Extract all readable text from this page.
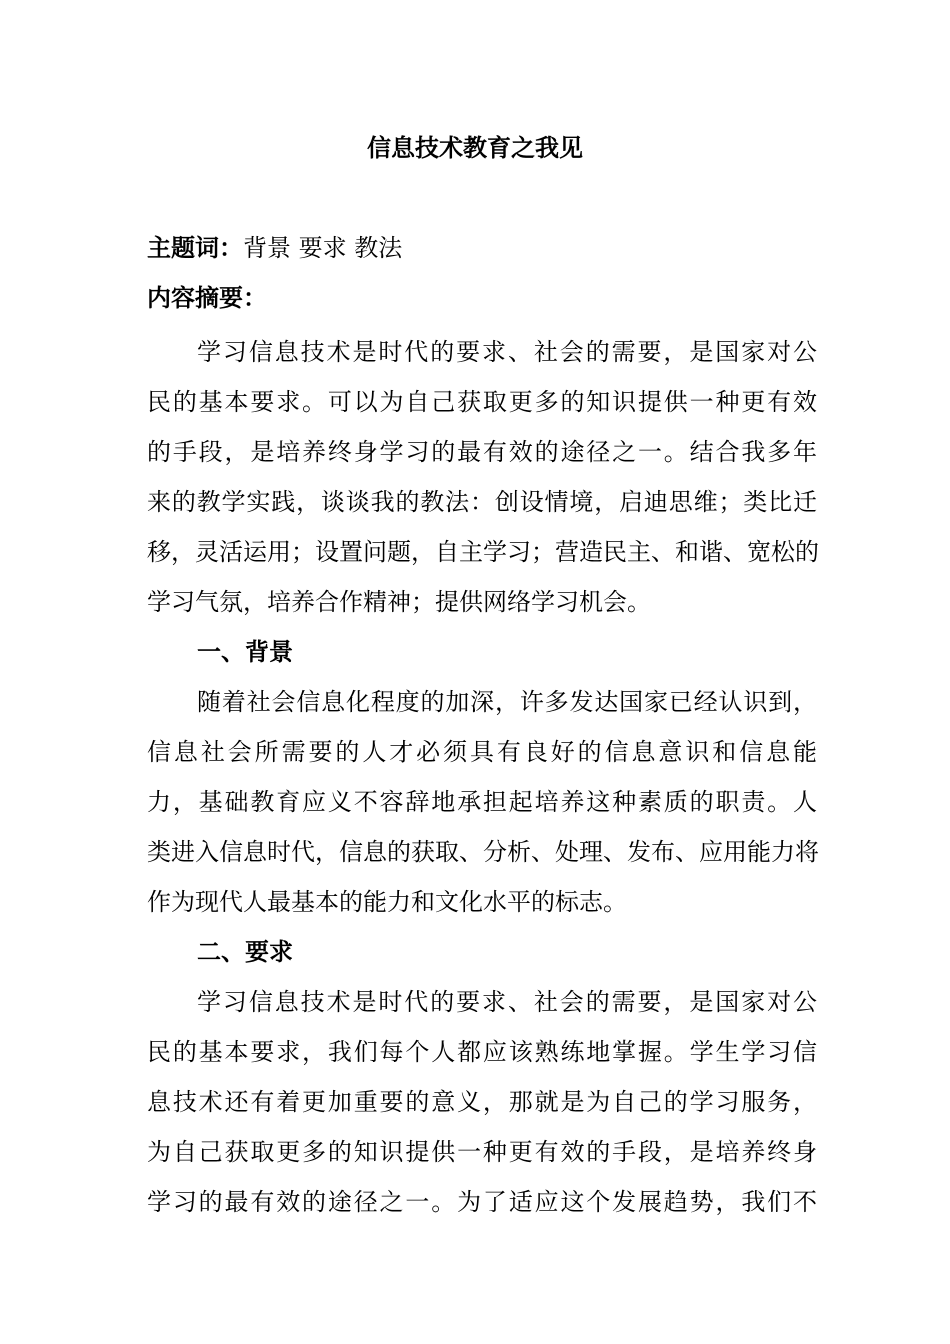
信息技术教育之我见

主题词：背景 要求 教法

内容摘要：

学习信息技术是时代的要求、社会的需要，是国家对公
民的基本要求。可以为自己获取更多的知识提供一种更有效
的手段，是培养终身学习的最有效的途径之一。结合我多年
来的教学实践，谈谈我的教法：创设情境，启迪思维；类比迁
移，灵活运用；设置问题，自主学习；营造民主、和谐、宽松的
学习气氛，培养合作精神；提供网络学习机会。
一、背景
随着社会信息化程度的加深，许多发达国家已经认识到，
信息社会所需要的人才必须具有良好的信息意识和信息能
力，基础教育应义不容辞地承担起培养这种素质的职责。人
类进入信息时代，信息的获取、分析、处理、发布、应用能力将
作为现代人最基本的能力和文化水平的标志。
二、要求
学习信息技术是时代的要求、社会的需要，是国家对公
民的基本要求，我们每个人都应该熟练地掌握。学生学习信
息技术还有着更加重要的意义，那就是为自己的学习服务，
为自己获取更多的知识提供一种更有效的手段，是培养终身
学习的最有效的途径之一。为了适应这个发展趋势，我们不
